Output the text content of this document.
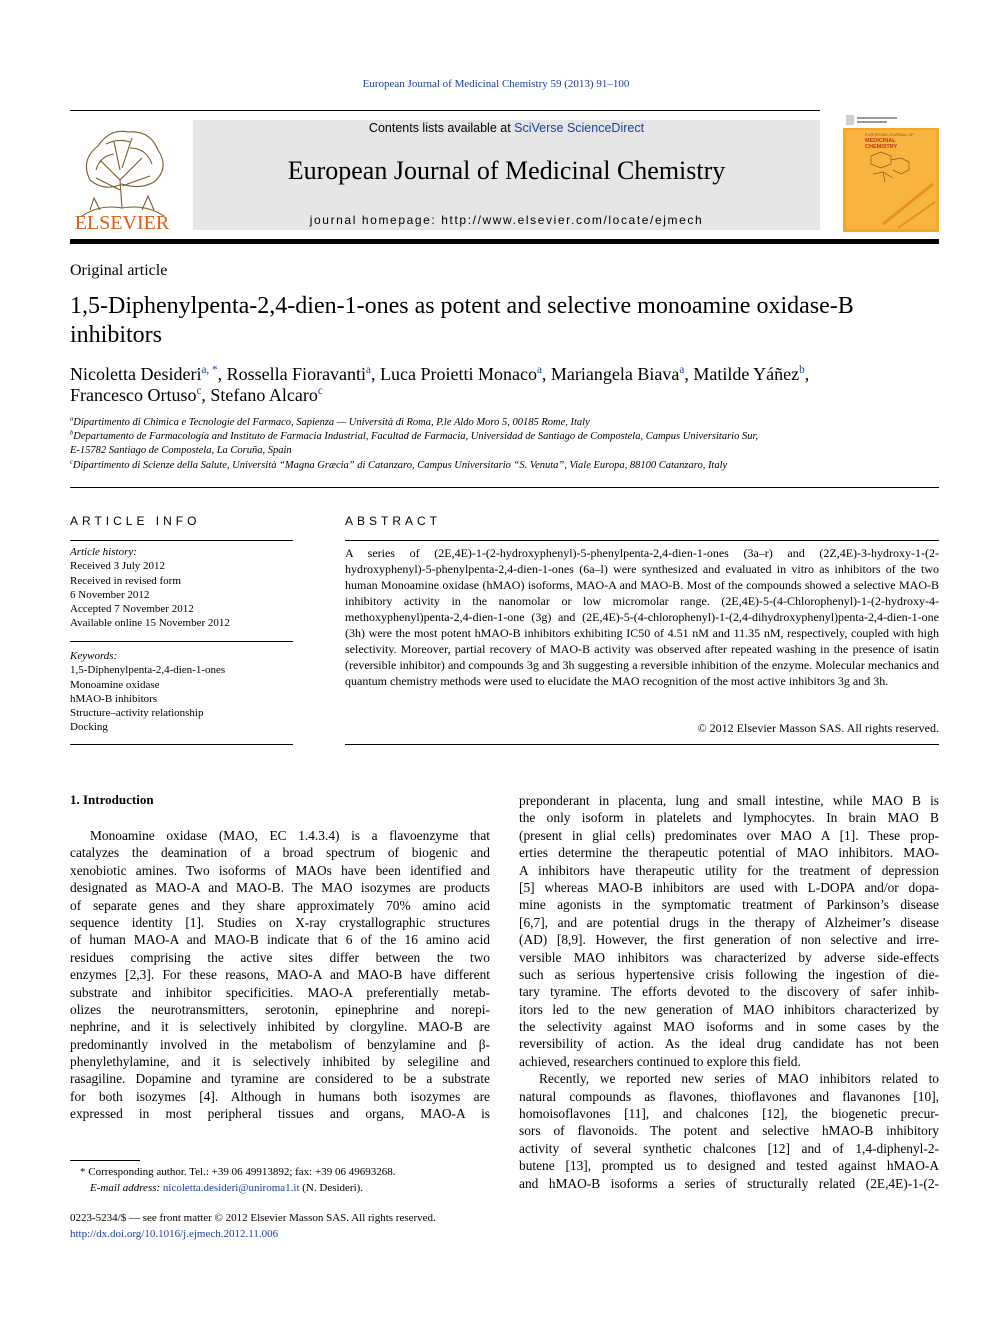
European Journal of Medicinal Chemistry 59 (2013) 91–100
ELSEVIER
Contents lists available at SciVerse ScienceDirect
European Journal of Medicinal Chemistry
journal homepage: http://www.elsevier.com/locate/ejmech
EUROPEAN JOURNAL OF
MEDICINAL
CHEMISTRY
Original article
1,5-Diphenylpenta-2,4-dien-1-ones as potent and selective monoamine oxidase-B inhibitors
Nicoletta Desideri$^{a, *}$, Rossella Fioravanti$^a$, Luca Proietti Monaco$^a$, Mariangela Biava$^a$, Matilde Yáñez$^b$,
Francesco Ortuso$^c$, Stefano Alcaro$^c$
$^a$Dipartimento di Chimica e Tecnologie del Farmaco, Sapienza — Università di Roma, P.le Aldo Moro 5, 00185 Rome, Italy
$^b$Departamento de Farmacología and Instituto de Farmacia Industrial, Facultad de Farmacia, Universidad de Santiago de Compostela, Campus Universitario Sur,
E-15782 Santiago de Compostela, La Coruña, Spain
$^c$Dipartimento di Scienze della Salute, Università “Magna Græcia” di Catanzaro, Campus Universitario “S. Venuta”, Viale Europa, 88100 Catanzaro, Italy
ARTICLE INFO
Article history:
Received 3 July 2012
Received in revised form
6 November 2012
Accepted 7 November 2012
Available online 15 November 2012
Keywords:
1,5-Diphenylpenta-2,4-dien-1-ones
Monoamine oxidase
hMAO-B inhibitors
Structure–activity relationship
Docking
ABSTRACT
A series of (2E,4E)-1-(2-hydroxyphenyl)-5-phenylpenta-2,4-dien-1-ones (3a–r) and (2Z,4E)-3-hydroxy-1-(2-hydroxyphenyl)-5-phenylpenta-2,4-dien-1-ones (6a–l) were synthesized and evaluated in vitro as inhibitors of the two human Monoamine oxidase (hMAO) isoforms, MAO-A and MAO-B. Most of the compounds showed a selective MAO-B inhibitory activity in the nanomolar or low micromolar range. (2E,4E)-5-(4-Chlorophenyl)-1-(2-hydroxy-4-methoxyphenyl)penta-2,4-dien-1-one (3g) and (2E,4E)-5-(4-chlorophenyl)-1-(2,4-dihydroxyphenyl)penta-2,4-dien-1-one (3h) were the most potent hMAO-B inhibitors exhibiting IC50 of 4.51 nM and 11.35 nM, respectively, coupled with high selectivity. Moreover, partial recovery of MAO-B activity was observed after repeated washing in the presence of isatin (reversible inhibitor) and compounds 3g and 3h suggesting a reversible inhibition of the enzyme. Molecular mechanics and quantum chemistry methods were used to elucidate the MAO recognition of the most active inhibitors 3g and 3h.
© 2012 Elsevier Masson SAS. All rights reserved.
1. Introduction
Monoamine oxidase (MAO, EC 1.4.3.4) is a flavoenzyme that
catalyzes the deamination of a broad spectrum of biogenic and
xenobiotic amines. Two isoforms of MAOs have been identified and
designated as MAO-A and MAO-B. The MAO isozymes are products
of separate genes and they share approximately 70% amino acid
sequence identity [1]. Studies on X-ray crystallographic structures
of human MAO-A and MAO-B indicate that 6 of the 16 amino acid
residues comprising the active sites differ between the two
enzymes [2,3]. For these reasons, MAO-A and MAO-B have different
substrate and inhibitor specificities. MAO-A preferentially metab-
olizes the neurotransmitters, serotonin, epinephrine and norepi-
nephrine, and it is selectively inhibited by clorgyline. MAO-B are
predominantly involved in the metabolism of benzylamine and β-
phenylethylamine, and it is selectively inhibited by selegiline and
rasagiline. Dopamine and tyramine are considered to be a substrate
for both isozymes [4]. Although in humans both isozymes are
expressed in most peripheral tissues and organs, MAO-A is
preponderant in placenta, lung and small intestine, while MAO B is
the only isoform in platelets and lymphocytes. In brain MAO B
(present in glial cells) predominates over MAO A [1]. These prop-
erties determine the therapeutic potential of MAO inhibitors. MAO-
A inhibitors have therapeutic utility for the treatment of depression
[5] whereas MAO-B inhibitors are used with L-DOPA and/or dopa-
mine agonists in the symptomatic treatment of Parkinson’s disease
[6,7], and are potential drugs in the therapy of Alzheimer’s disease
(AD) [8,9]. However, the first generation of non selective and irre-
versible MAO inhibitors was characterized by adverse side-effects
such as serious hypertensive crisis following the ingestion of die-
tary tyramine. The efforts devoted to the discovery of safer inhib-
itors led to the new generation of MAO inhibitors characterized by
the selectivity against MAO isoforms and in some cases by the
reversibility of action. As the ideal drug candidate has not been
achieved, researchers continued to explore this field.
Recently, we reported new series of MAO inhibitors related to
natural compounds as flavones, thioflavones and flavanones [10],
homoisoflavones [11], and chalcones [12], the biogenetic precur-
sors of flavonoids. The potent and selective hMAO-B inhibitory
activity of several synthetic chalcones [12] and of 1,4-diphenyl-2-
butene [13], prompted us to designed and tested against hMAO-A
and hMAO-B isoforms a series of structurally related (2E,4E)-1-(2-
* Corresponding author. Tel.: +39 06 49913892; fax: +39 06 49693268.
E-mail address: nicoletta.desideri@uniroma1.it (N. Desideri).
0223-5234/$ — see front matter © 2012 Elsevier Masson SAS. All rights reserved.
http://dx.doi.org/10.1016/j.ejmech.2012.11.006
